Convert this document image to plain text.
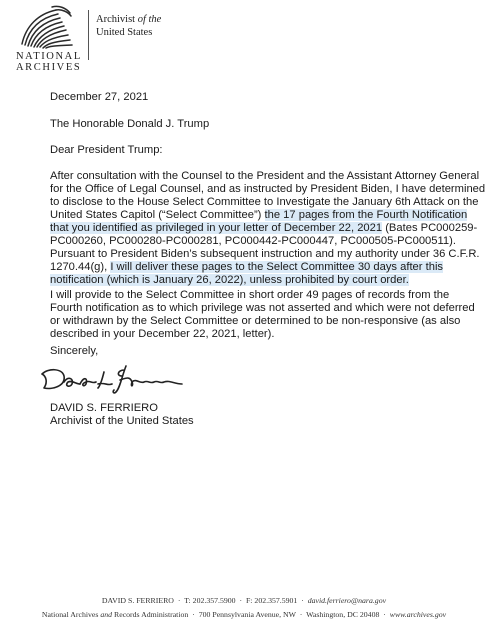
NATIONAL
ARCHIVES
Archivist of the
United States
December 27, 2021
The Honorable Donald J. Trump
Dear President Trump:
After consultation with the Counsel to the President and the Assistant Attorney General
for the Office of Legal Counsel, and as instructed by President Biden, I have determined
to disclose to the House Select Committee to Investigate the January 6th Attack on the
United States Capitol (“Select Committee”) the 17 pages from the Fourth Notification
that you identified as privileged in your letter of December 22, 2021 (Bates PC000259-
PC000260, PC000280-PC000281, PC000442-PC000447, PC000505-PC000511).
Pursuant to President Biden’s subsequent instruction and my authority under 36 C.F.R.
1270.44(g), I will deliver these pages to the Select Committee 30 days after this
notification (which is January 26, 2022), unless prohibited by court order.
I will provide to the Select Committee in short order 49 pages of records from the
Fourth notification as to which privilege was not asserted and which were not deferred
or withdrawn by the Select Committee or determined to be non-responsive (as also
described in your December 22, 2021, letter).
Sincerely,
DAVID S. FERRIERO
Archivist of the United States
DAVID S. FERRIERO  ·  T: 202.357.5900  ·  F: 202.357.5901  ·  david.ferriero@nara.gov
National Archives and Records Administration  ·  700 Pennsylvania Avenue, NW  ·  Washington, DC 20408  ·  www.archives.gov
